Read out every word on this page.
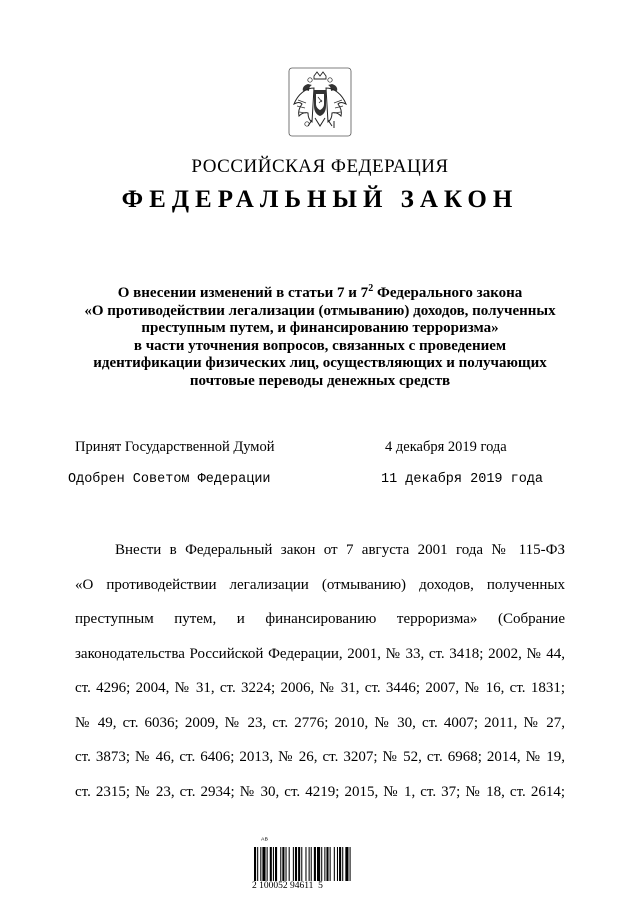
РОССИЙСКАЯ ФЕДЕРАЦИЯ
ФЕДЕРАЛЬНЫЙ ЗАКОН
О внесении изменений в статьи 7 и $7^2$ Федерального закона
«О противодействии легализации (отмыванию) доходов, полученных
преступным путем, и финансированию терроризма»
в части уточнения вопросов, связанных с проведением
идентификации физических лиц, осуществляющих и получающих
почтовые переводы денежных средств
Принят Государственной Думой	4 декабря 2019 года
Одобрен Советом Федерации	11 декабря 2019 года
Внести в Федеральный закон от 7 августа 2001 года № 115-ФЗ
«О противодействии легализации (отмыванию) доходов, полученных
преступным путем, и финансированию терроризма» (Собрание
законодательства Российской Федерации, 2001, № 33, ст. 3418; 2002, № 44,
ст. 4296; 2004, № 31, ст. 3224; 2006, № 31, ст. 3446; 2007, № 16, ст. 1831;
№ 49, ст. 6036; 2009, № 23, ст. 2776; 2010, № 30, ст. 4007; 2011, № 27,
ст. 3873; № 46, ст. 6406; 2013, № 26, ст. 3207; № 52, ст. 6968; 2014, № 19,
ст. 2315; № 23, ст. 2934; № 30, ст. 4219; 2015, № 1, ст. 37; № 18, ст. 2614;
ᴬᴮ
2 100052 94611  5
